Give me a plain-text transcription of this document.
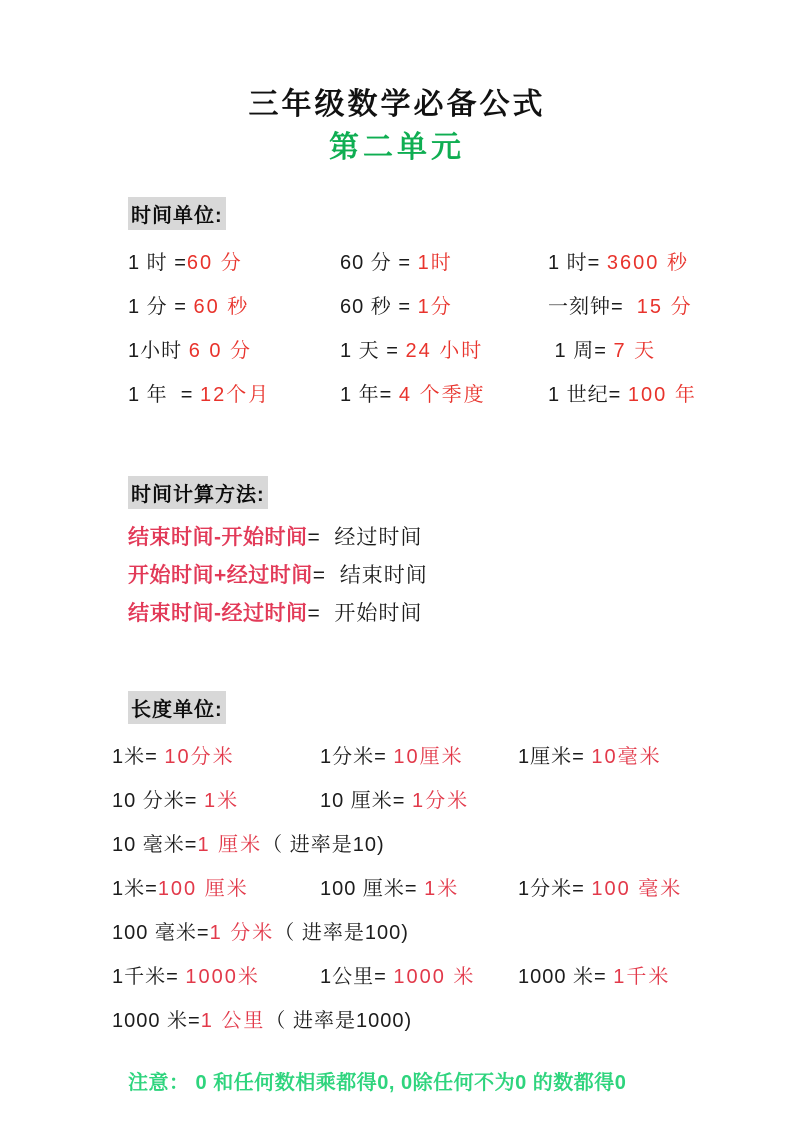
三年级数学必备公式
第二单元
时间单位:
1 时 =60 分	60 分 = 1时	1 时= 3600 秒
1 分 = 60 秒	60 秒 = 1分	一刻钟=  15 分
1小时 6 0 分	1 天 = 24 小时	1 周= 7 天
1 年  = 12个月	1 年= 4 个季度	1 世纪= 100 年
时间计算方法:
结束时间-开始时间=  经过时间
开始时间+经过时间=  结束时间
结束时间-经过时间=  开始时间
长度单位:
1米= 10分米	1分米= 10厘米	1厘米= 10毫米
10 分米= 1米	10 厘米= 1分米
10 毫米=1 厘米（ 进率是10)
1米=100 厘米	100 厘米= 1米	1分米= 100 毫米
100 毫米=1 分米（ 进率是100)
1千米= 1000米	1公里= 1000 米	1000 米= 1千米
1000 米=1 公里（ 进率是1000)
注意： 0 和任何数相乘都得0, 0除任何不为0 的数都得0
